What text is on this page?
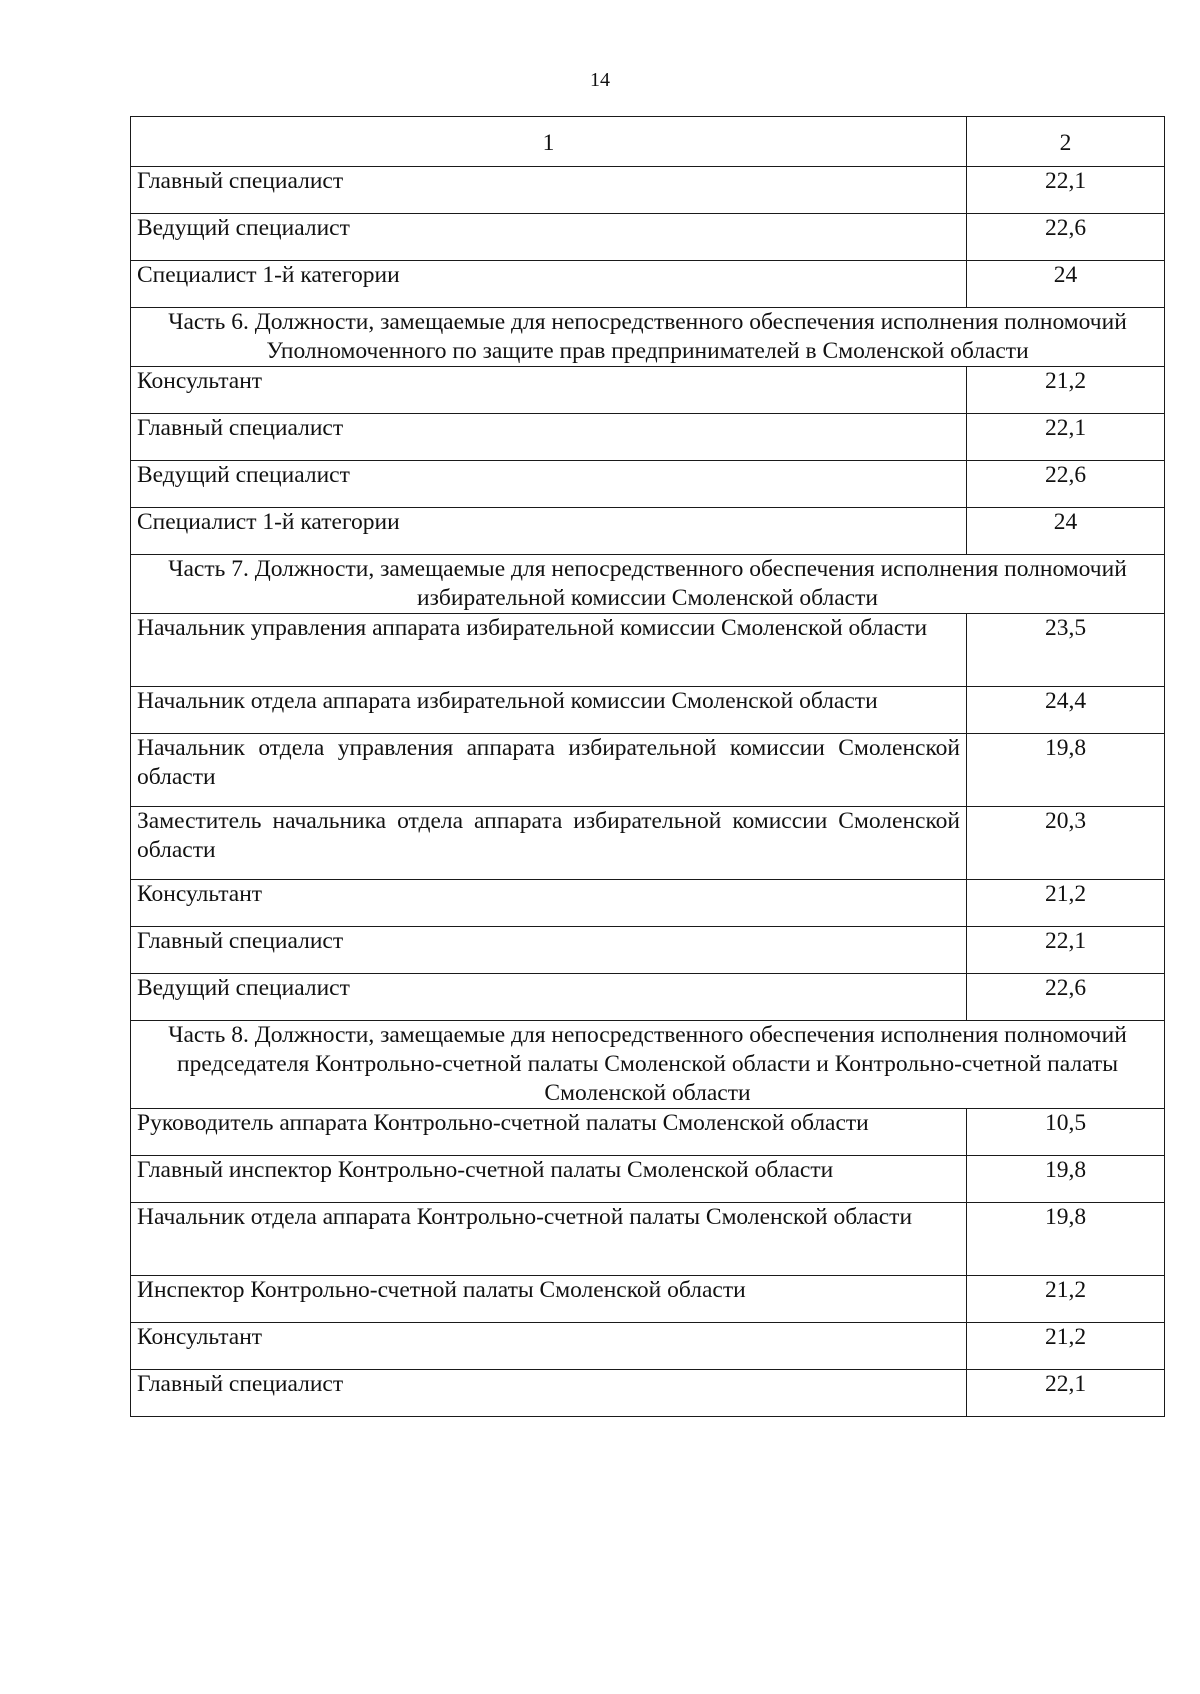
14
1	2
Главный специалист	22,1
Ведущий специалист	22,6
Специалист 1-й категории	24
Часть 6. Должности, замещаемые для непосредственного обеспечения исполнения полномочий Уполномоченного по защите прав предпринимателей в Смоленской области	
Консультант	21,2
Главный специалист	22,1
Ведущий специалист	22,6
Специалист 1-й категории	24
Часть 7. Должности, замещаемые для непосредственного обеспечения исполнения полномочий избирательной комиссии Смоленской области	
Начальник управления аппарата избирательной комиссии Смоленской области	23,5
Начальник отдела аппарата избирательной комиссии Смоленской области	24,4
Начальник отдела управления аппарата избирательной комиссии Смоленской области	19,8
Заместитель начальника отдела аппарата избирательной комиссии Смоленской области	20,3
Консультант	21,2
Главный специалист	22,1
Ведущий специалист	22,6
Часть 8. Должности, замещаемые для непосредственного обеспечения исполнения полномочий председателя Контрольно-счетной палаты Смоленской области и Контрольно-счетной палаты Смоленской области	
Руководитель аппарата Контрольно-счетной палаты Смоленской области	10,5
Главный инспектор Контрольно-счетной палаты Смоленской области	19,8
Начальник отдела аппарата Контрольно-счетной палаты Смоленской области	19,8
Инспектор Контрольно-счетной палаты Смоленской области	21,2
Консультант	21,2
Главный специалист	22,1
